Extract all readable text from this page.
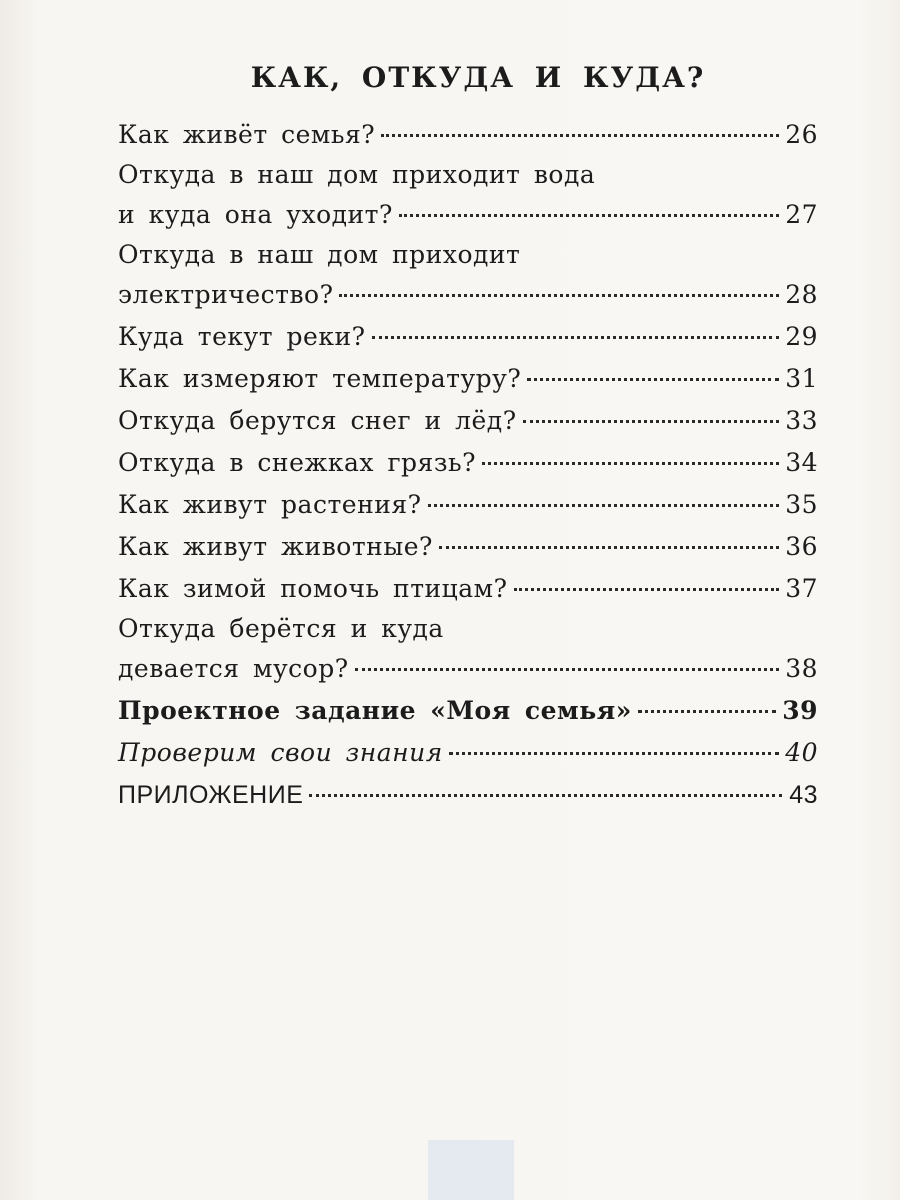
КАК, ОТКУДА И КУДА?
Как живёт семья?	26
Откуда в наш дом приходит вода
и куда она уходит?	27
Откуда в наш дом приходит
электричество?	28
Куда текут реки?	29
Как измеряют температуру?	31
Откуда берутся снег и лёд?	33
Откуда в снежках грязь?	34
Как живут растения?	35
Как живут животные?	36
Как зимой помочь птицам?	37
Откуда берётся и куда
девается мусор?	38
Проектное задание «Моя семья»	39
Проверим свои знания	40
ПРИЛОЖЕНИЕ	43
